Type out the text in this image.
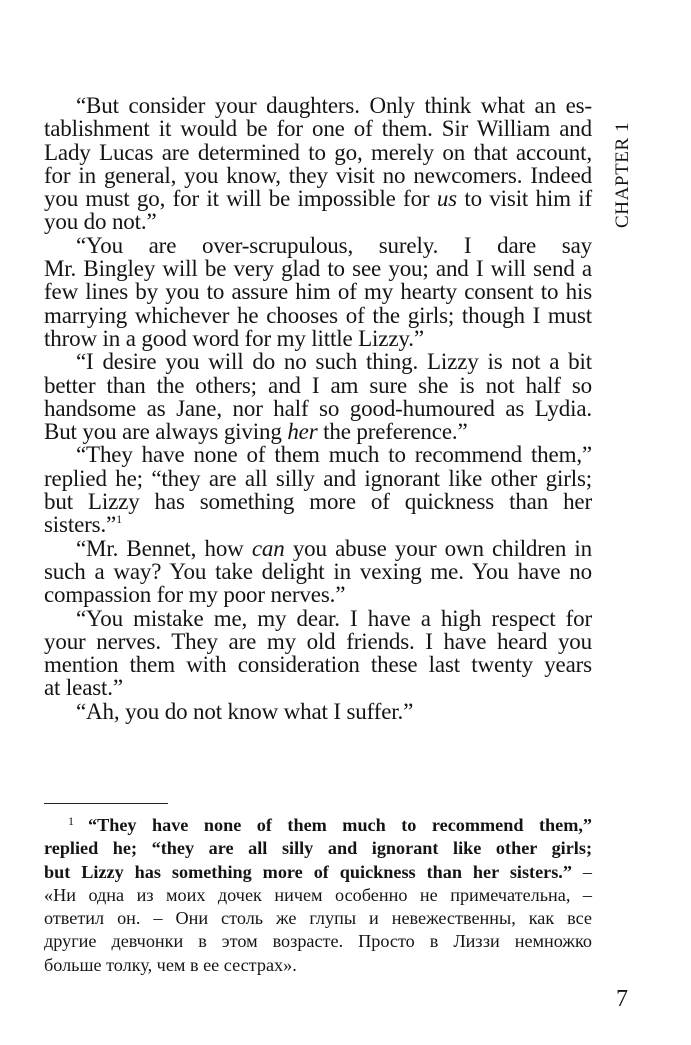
“But consider your daughters. Only think what an es-
tablishment it would be for one of them. Sir William and
Lady Lucas are determined to go, merely on that account,
for in general, you know, they visit no newcomers. Indeed
you must go, for it will be impossible for us to visit him if
you do not.”
“You are over-scrupulous, surely. I dare say
Mr. Bingley will be very glad to see you; and I will send a
few lines by you to assure him of my hearty consent to his
marrying whichever he chooses of the girls; though I must
throw in a good word for my little Lizzy.”
“I desire you will do no such thing. Lizzy is not a bit
better than the others; and I am sure she is not half so
handsome as Jane, nor half so good-humoured as Lydia.
But you are always giving her the preference.”
“They have none of them much to recommend them,”
replied he; “they are all silly and ignorant like other girls;
but Lizzy has something more of quickness than her
sisters.”$^1$
“Mr. Bennet, how can you abuse your own children in
such a way? You take delight in vexing me. You have no
compassion for my poor nerves.”
“You mistake me, my dear. I have a high respect for
your nerves. They are my old friends. I have heard you
mention them with consideration these last twenty years
at least.”
“Ah, you do not know what I suffer.”
$^1$ “They have none of them much to recommend them,”
replied he; “they are all silly and ignorant like other girls;
but Lizzy has something more of quickness than her sisters.” –
«Ни одна из моих дочек ничем особенно не примечательна, –
ответил он. – Они столь же глупы и невежественны, как все
другие девчонки в этом возрасте. Просто в Лиззи немножко
больше толку, чем в ее сестрах».
CHAPTER 1
7
